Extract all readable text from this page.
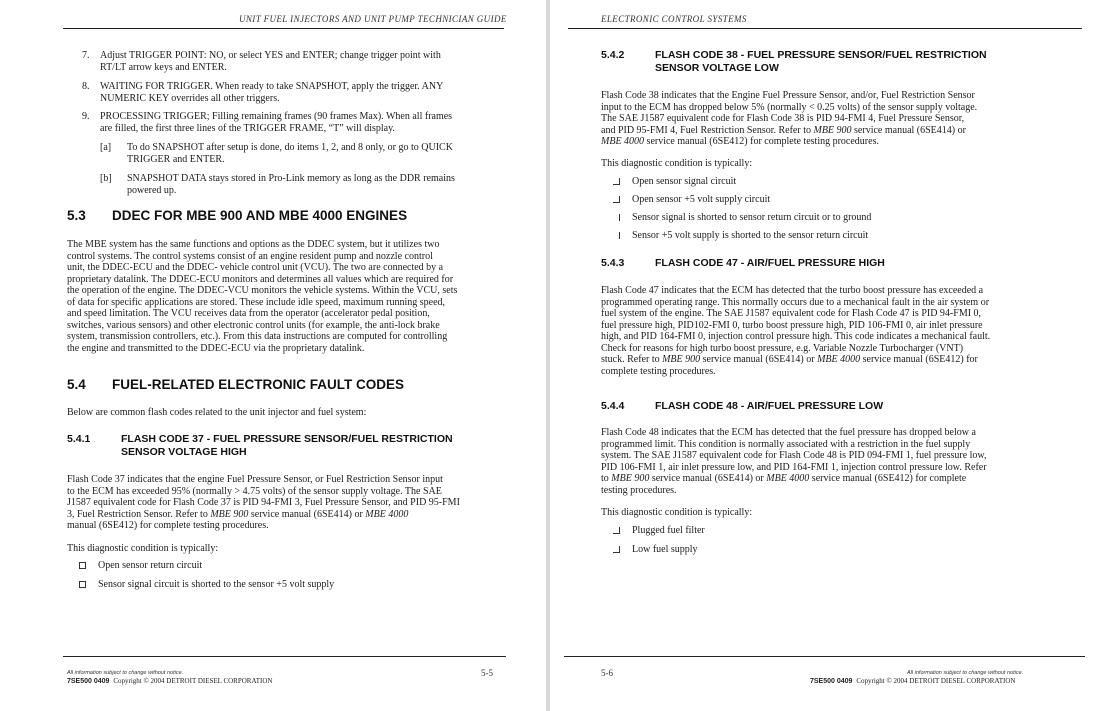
UNIT FUEL INJECTORS AND UNIT PUMP TECHNICIAN GUIDE
7. Adjust TRIGGER POINT: NO, or select YES and ENTER; change trigger point with
RT/LT arrow keys and ENTER.
8. WAITING FOR TRIGGER. When ready to take SNAPSHOT, apply the trigger. ANY
NUMERIC KEY overrides all other triggers.
9. PROCESSING TRIGGER; Filling remaining frames (90 frames Max). When all frames
are filled, the first three lines of the TRIGGER FRAME, “T” will display.
[a] To do SNAPSHOT after setup is done, do items 1, 2, and 8 only, or go to QUICK
TRIGGER and ENTER.
[b] SNAPSHOT DATA stays stored in Pro-Link memory as long as the DDR remains
powered up.
5.3 DDEC FOR MBE 900 AND MBE 4000 ENGINES
The MBE system has the same functions and options as the DDEC system, but it utilizes two
control systems. The control systems consist of an engine resident pump and nozzle control
unit, the DDEC-ECU and the DDEC- vehicle control unit (VCU). The two are connected by a
proprietary datalink. The DDEC-ECU monitors and determines all values which are required for
the operation of the engine. The DDEC-VCU monitors the vehicle systems. Within the VCU, sets
of data for specific applications are stored. These include idle speed, maximum running speed,
and speed limitation. The VCU receives data from the operator (accelerator pedal position,
switches, various sensors) and other electronic control units (for example, the anti-lock brake
system, transmission controllers, etc.). From this data instructions are computed for controlling
the engine and transmitted to the DDEC-ECU via the proprietary datalink.
5.4 FUEL-RELATED ELECTRONIC FAULT CODES
Below are common flash codes related to the unit injector and fuel system:
5.4.1	FLASH CODE 37 - FUEL PRESSURE SENSOR/FUEL RESTRICTION
SENSOR VOLTAGE HIGH
Flash Code 37 indicates that the engine Fuel Pressure Sensor, or Fuel Restriction Sensor input
to the ECM has exceeded 95% (normally > 4.75 volts) of the sensor supply voltage. The SAE
J1587 equivalent code for Flash Code 37 is PID 94-FMI 3, Fuel Pressure Sensor, and PID 95-FMI
3, Fuel Restriction Sensor. Refer to MBE 900 service manual (6SE414) or MBE 4000
manual (6SE412) for complete testing procedures.
This diagnostic condition is typically:
Open sensor return circuit
Sensor signal circuit is shorted to the sensor +5 volt supply
All information subject to change without notice.
7SE500 0409 Copyright © 2004 DETROIT DIESEL CORPORATION
5-5
ELECTRONIC CONTROL SYSTEMS
5.4.2	FLASH CODE 38 - FUEL PRESSURE SENSOR/FUEL RESTRICTION
SENSOR VOLTAGE LOW
Flash Code 38 indicates that the Engine Fuel Pressure Sensor, and/or, Fuel Restriction Sensor
input to the ECM has dropped below 5% (normally < 0.25 volts) of the sensor supply voltage.
The SAE J1587 equivalent code for Flash Code 38 is PID 94-FMI 4, Fuel Pressure Sensor,
and PID 95-FMI 4, Fuel Restriction Sensor. Refer to MBE 900 service manual (6SE414) or
MBE 4000 service manual (6SE412) for complete testing procedures.
This diagnostic condition is typically:
Open sensor signal circuit
Open sensor +5 volt supply circuit
Sensor signal is shorted to sensor return circuit or to ground
Sensor +5 volt supply is shorted to the sensor return circuit
5.4.3	FLASH CODE 47 - AIR/FUEL PRESSURE HIGH
Flash Code 47 indicates that the ECM has detected that the turbo boost pressure has exceeded a
programmed operating range. This normally occurs due to a mechanical fault in the air system or
fuel system of the engine. The SAE J1587 equivalent code for Flash Code 47 is PID 94-FMI 0,
fuel pressure high, PID102-FMI 0, turbo boost pressure high, PID 106-FMI 0, air inlet pressure
high, and PID 164-FMI 0, injection control pressure high. This code indicates a mechanical fault.
Check for reasons for high turbo boost pressure, e.g. Variable Nozzle Turbocharger (VNT)
stuck. Refer to MBE 900 service manual (6SE414) or MBE 4000 service manual (6SE412) for
complete testing procedures.
5.4.4	FLASH CODE 48 - AIR/FUEL PRESSURE LOW
Flash Code 48 indicates that the ECM has detected that the fuel pressure has dropped below a
programmed limit. This condition is normally associated with a restriction in the fuel supply
system. The SAE J1587 equivalent code for Flash Code 48 is PID 094-FMI 1, fuel pressure low,
PID 106-FMI 1, air inlet pressure low, and PID 164-FMI 1, injection control pressure low. Refer
to MBE 900 service manual (6SE414) or MBE 4000 service manual (6SE412) for complete
testing procedures.
This diagnostic condition is typically:
Plugged fuel filter
Low fuel supply
5-6	All information subject to change without notice.
7SE500 0409 Copyright © 2004 DETROIT DIESEL CORPORATION
